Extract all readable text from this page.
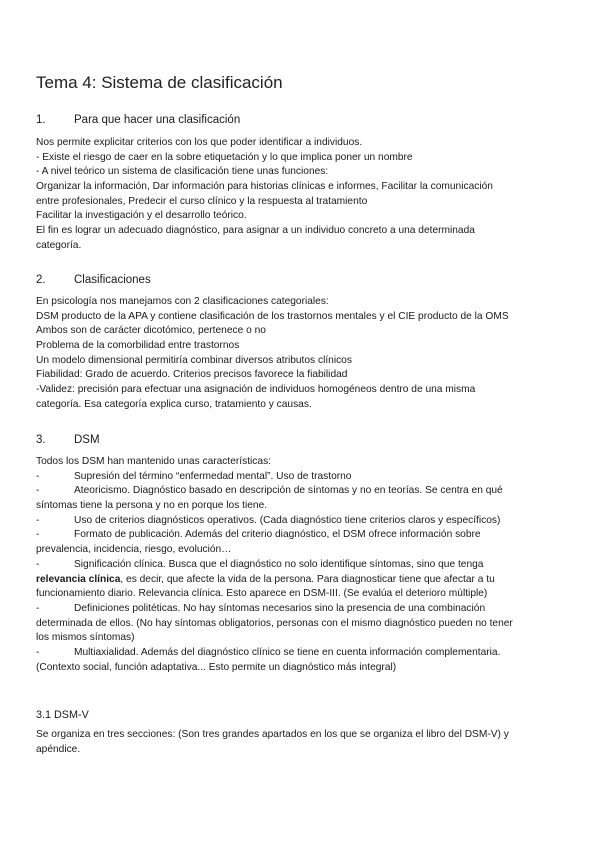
Tema 4: Sistema de clasificación
1. Para que hacer una clasificación
Nos permite explicitar criterios con los que poder identificar a individuos.
- Existe el riesgo de caer en la sobre etiquetación y lo que implica poner un nombre
- A nivel teórico un sistema de clasificación tiene unas funciones:
Organizar la información, Dar información para historias clínicas e informes, Facilitar la comunicación
entre profesionales, Predecir el curso clínico y la respuesta al tratamiento
Facilitar la investigación y el desarrollo teórico.
El fin es lograr un adecuado diagnóstico, para asignar a un individuo concreto a una determinada
categoría.
2. Clasificaciones
En psicología nos manejamos con 2 clasificaciones categoriales:
DSM producto de la APA y contiene clasificación de los trastornos mentales y el CIE producto de la OMS
Ambos son de carácter dicotómico, pertenece o no
Problema de la comorbilidad entre trastornos
Un modelo dimensional permitiría combinar diversos atributos clínicos
Fiabilidad: Grado de acuerdo. Criterios precisos favorece la fiabilidad
-Validez: precisión para efectuar una asignación de individuos homogéneos dentro de una misma
categoría. Esa categoría explica curso, tratamiento y causas.
3. DSM
Todos los DSM han mantenido unas características:
-	Supresión del término “enfermedad mental”. Uso de trastorno
-	Ateoricismo. Diagnóstico basado en descripción de síntomas y no en teorías. Se centra en qué
síntomas tiene la persona y no en porque los tiene.
-	Uso de criterios diagnósticos operativos. (Cada diagnóstico tiene criterios claros y específicos)
-	Formato de publicación. Además del criterio diagnóstico, el DSM ofrece información sobre
prevalencia, incidencia, riesgo, evolución…
-	Significación clínica. Busca que el diagnóstico no solo identifique síntomas, sino que tenga
relevancia clínica, es decir, que afecte la vida de la persona. Para diagnosticar tiene que afectar a tu
funcionamiento diario. Relevancia clínica. Esto aparece en DSM-III. (Se evalúa el deterioro múltiple)
-	Definiciones politéticas. No hay síntomas necesarios sino la presencia de una combinación
determinada de ellos. (No hay síntomas obligatorios, personas con el mismo diagnóstico pueden no tener
los mismos síntomas)
-	Multiaxialidad. Además del diagnóstico clínico se tiene en cuenta información complementaria.
(Contexto social, función adaptativa... Esto permite un diagnóstico más integral)
3.1 DSM-V
Se organiza en tres secciones: (Son tres grandes apartados en los que se organiza el libro del DSM-V) y
apéndice.
